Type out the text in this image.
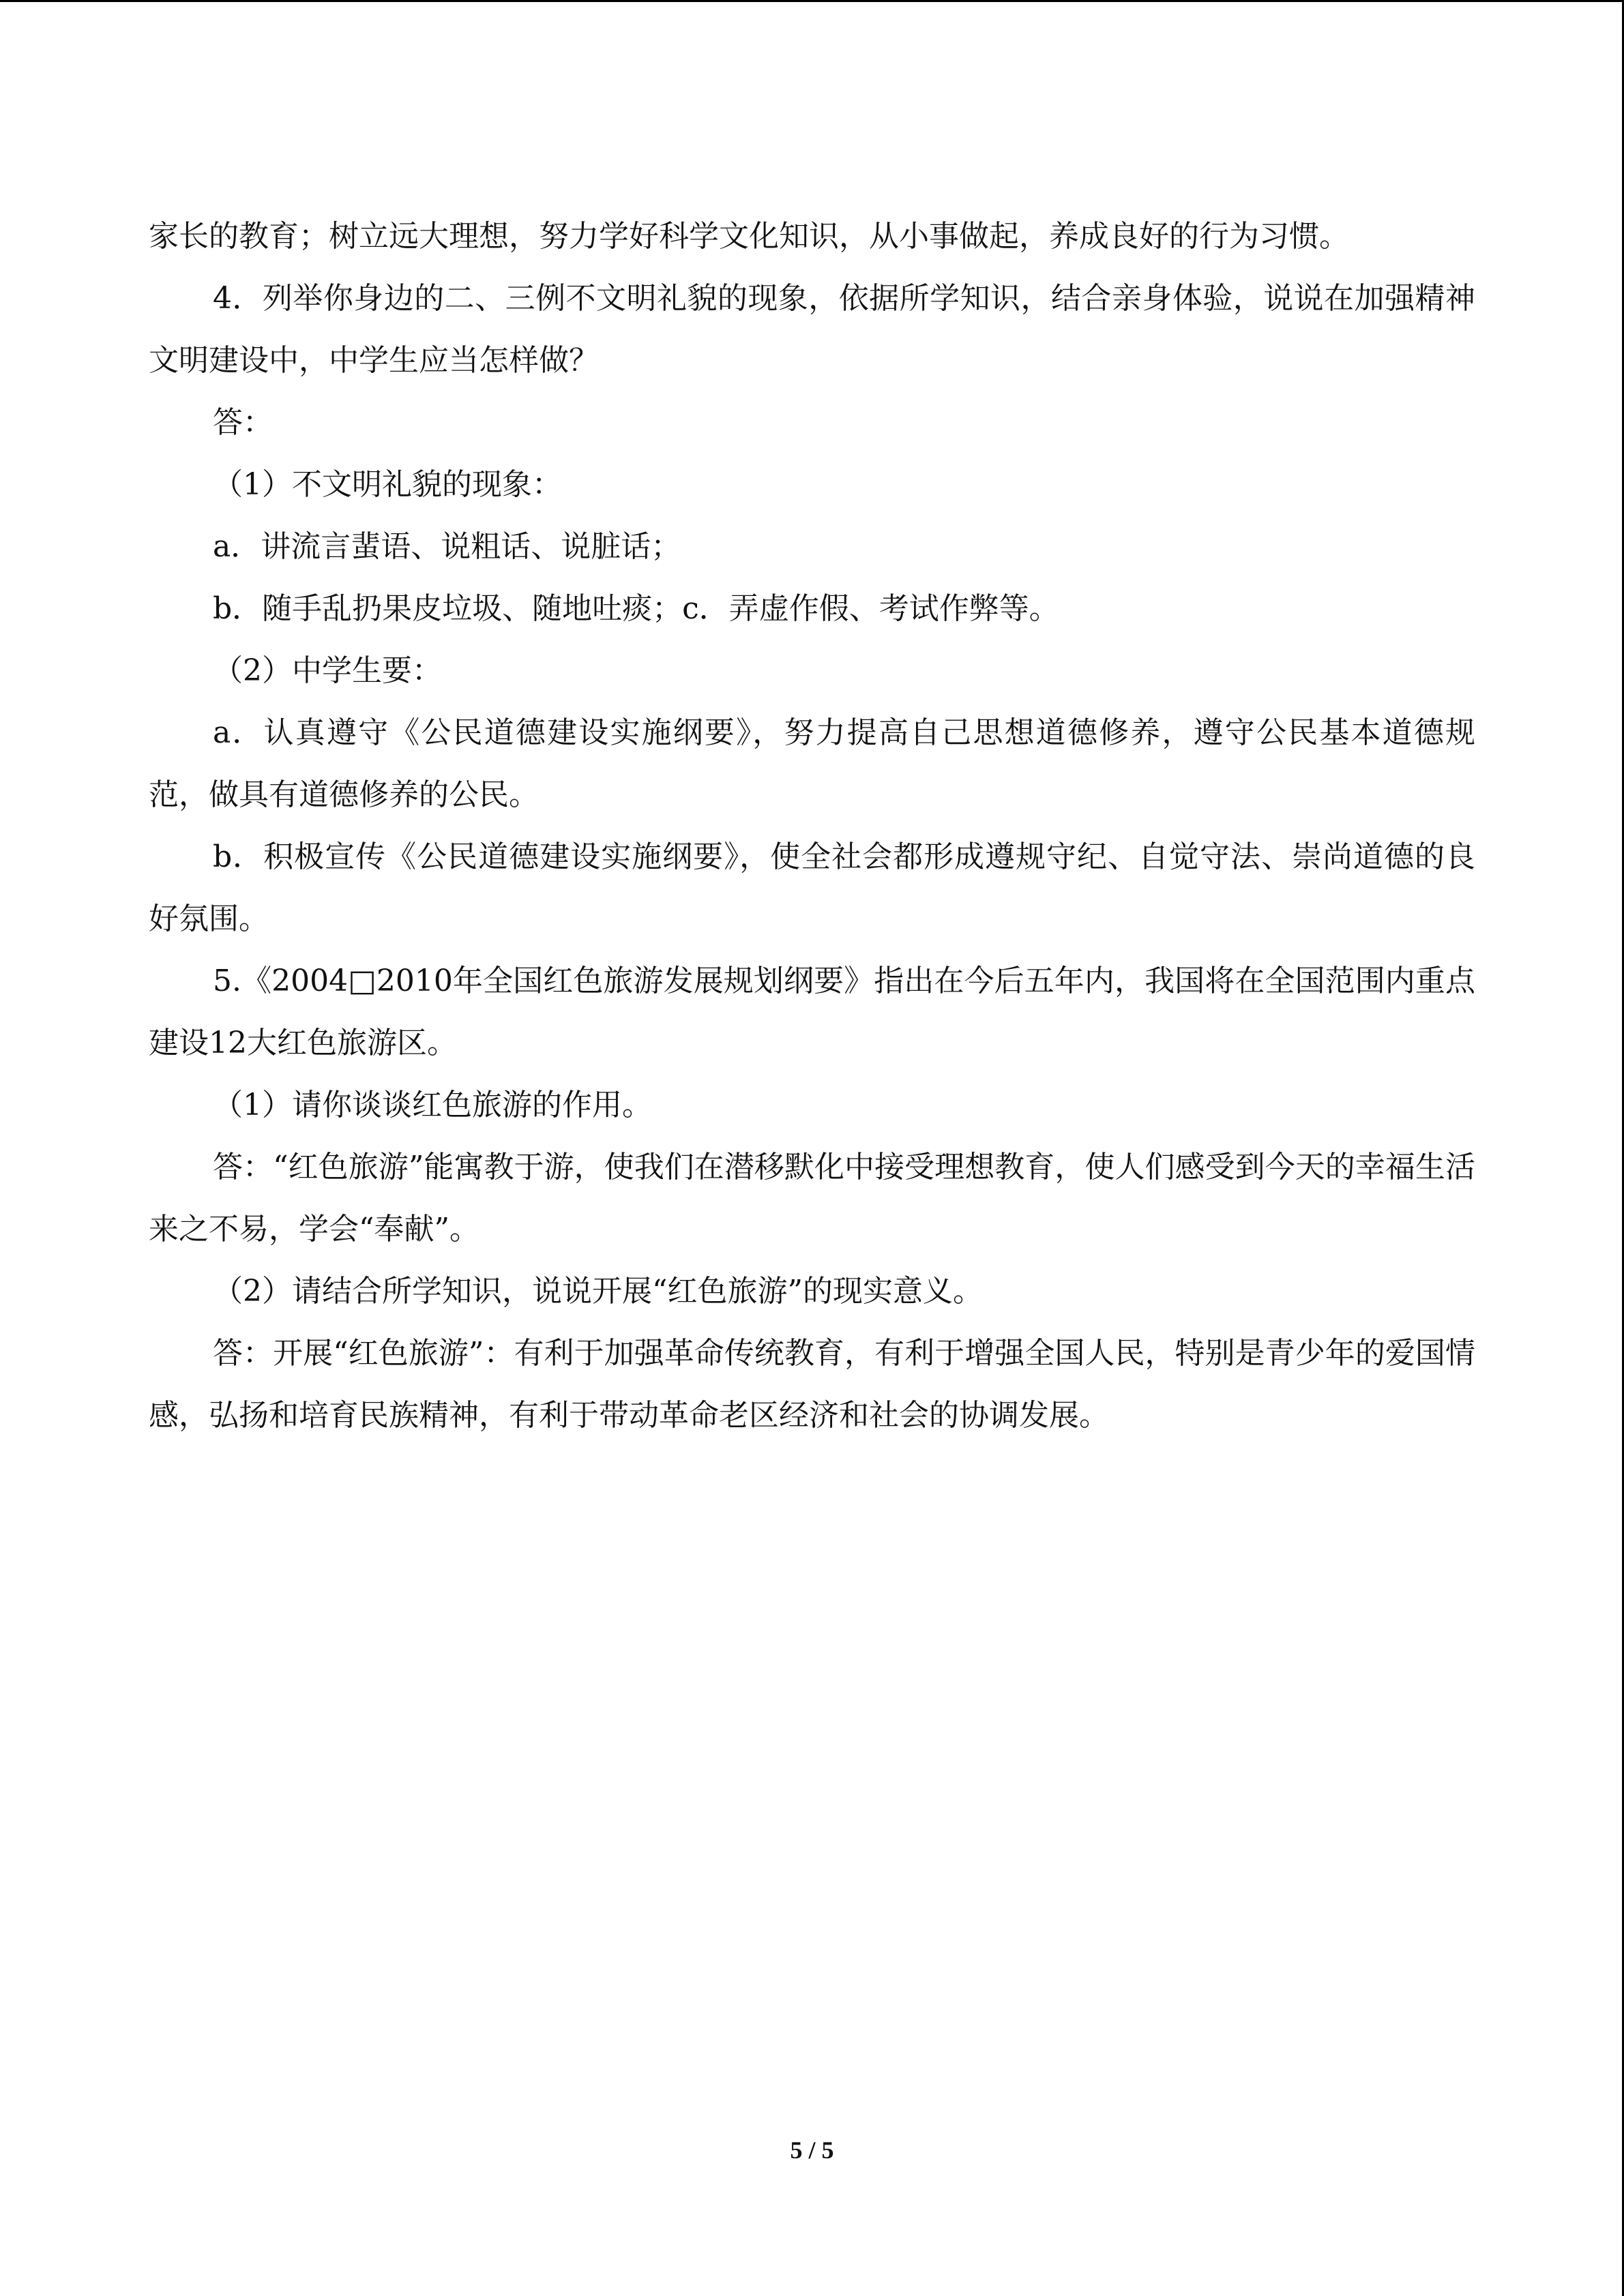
家长的教育；树立远大理想，努力学好科学文化知识，从小事做起，养成良好的行为习惯。

4．列举你身边的二、三例不文明礼貌的现象，依据所学知识，结合亲身体验，说说在加强精神文明建设中，中学生应当怎样做？

答：

（1）不文明礼貌的现象：

a．讲流言蜚语、说粗话、说脏话；

b．随手乱扔果皮垃圾、随地吐痰；c．弄虚作假、考试作弊等。

（2）中学生要：

a．认真遵守《公民道德建设实施纲要》，努力提高自己思想道德修养，遵守公民基本道德规范，做具有道德修养的公民。

b．积极宣传《公民道德建设实施纲要》，使全社会都形成遵规守纪、自觉守法、崇尚道德的良好氛围。

5.《2004□2010年全国红色旅游发展规划纲要》指出在今后五年内，我国将在全国范围内重点建设12大红色旅游区。

（1）请你谈谈红色旅游的作用。

答：“红色旅游”能寓教于游，使我们在潜移默化中接受理想教育，使人们感受到今天的幸福生活来之不易，学会“奉献”。

（2）请结合所学知识，说说开展“红色旅游”的现实意义。

答：开展“红色旅游”：有利于加强革命传统教育，有利于增强全国人民，特别是青少年的爱国情感，弘扬和培育民族精神，有利于带动革命老区经济和社会的协调发展。

5 / 5
